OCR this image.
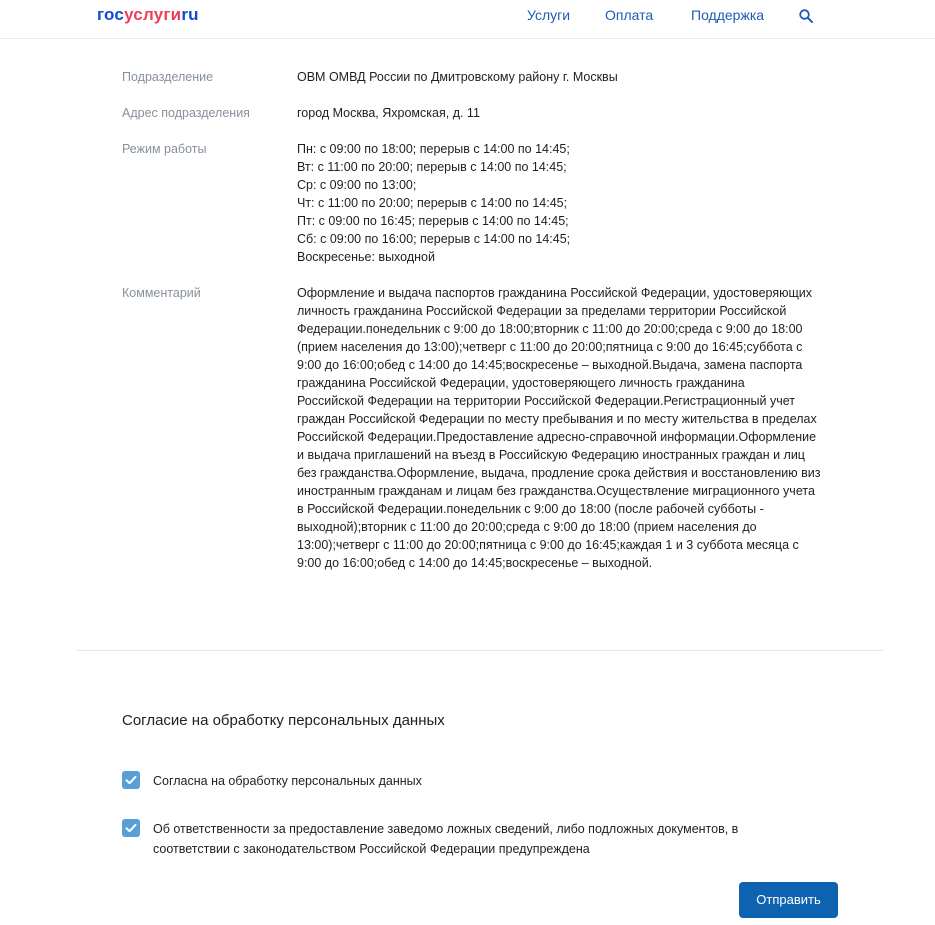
госуслугиru	Услуги Оплата	Поддержка
Подразделение	ОВМ ОМВД России по Дмитровскому району г. Москвы
Адрес подразделения	город Москва, Яхромская, д. 11
Режим работы	Пн: с 09:00 по 18:00; перерыв с 14:00 по 14:45;
Вт: с 11:00 по 20:00; перерыв с 14:00 по 14:45;
Ср: с 09:00 по 13:00;
Чт: с 11:00 по 20:00; перерыв с 14:00 по 14:45;
Пт: с 09:00 по 16:45; перерыв с 14:00 по 14:45;
Сб: с 09:00 по 16:00; перерыв с 14:00 по 14:45;
Воскресенье: выходной
Комментарий	Оформление и выдача паспортов гражданина Российской Федерации, удостоверяющих
личность гражданина Российской Федерации за пределами территории Российской
Федерации.понедельник с 9:00 до 18:00;вторник с 11:00 до 20:00;среда с 9:00 до 18:00
(прием населения до 13:00);четверг с 11:00 до 20:00;пятница с 9:00 до 16:45;суббота с
9:00 до 16:00;обед с 14:00 до 14:45;воскресенье – выходной.Выдача, замена паспорта
гражданина Российской Федерации, удостоверяющего личность гражданина
Российской Федерации на территории Российской Федерации.Регистрационный учет
граждан Российской Федерации по месту пребывания и по месту жительства в пределах
Российской Федерации.Предоставление адресно-справочной информации.Оформление
и выдача приглашений на въезд в Российскую Федерацию иностранных граждан и лиц
без гражданства.Оформление, выдача, продление срока действия и восстановлению виз
иностранным гражданам и лицам без гражданства.Осуществление миграционного учета
в Российской Федерации.понедельник с 9:00 до 18:00 (после рабочей субботы -
выходной);вторник с 11:00 до 20:00;среда с 9:00 до 18:00 (прием населения до
13:00);четверг с 11:00 до 20:00;пятница с 9:00 до 16:45;каждая 1 и 3 суббота месяца с
9:00 до 16:00;обед с 14:00 до 14:45;воскресенье – выходной.
Согласие на обработку персональных данных
Согласна на обработку персональных данных
Об ответственности за предоставление заведомо ложных сведений, либо подложных документов, в
соответствии с законодательством Российской Федерации предупреждена
Отправить
